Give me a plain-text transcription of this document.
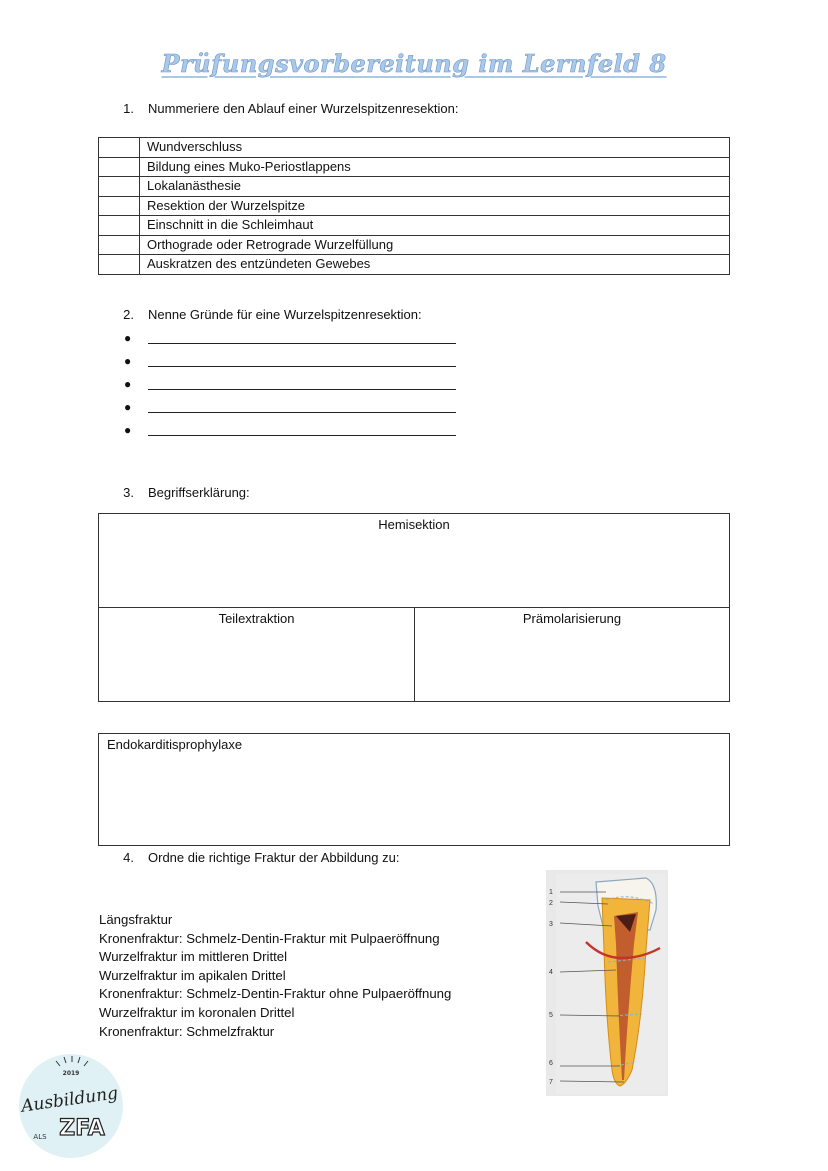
Prüfungsvorbereitung im Lernfeld 8
1. Nummeriere den Ablauf einer Wurzelspitzenresektion:
	Wundverschluss
	Bildung eines Muko-Periostlappens
	Lokalanästhesie
	Resektion der Wurzelspitze
	Einschnitt in die Schleimhaut
	Orthograde oder Retrograde Wurzelfüllung
	Auskratzen des entzündeten Gewebes
2. Nenne Gründe für eine Wurzelspitzenresektion:
●
●
●
●
●
3. Begriffserklärung:
Hemisektion
Teilextraktion	Prämolarisierung
Endokarditisprophylaxe
4. Ordne die richtige Fraktur der Abbildung zu:
Längsfraktur
Kronenfraktur: Schmelz-Dentin-Fraktur mit Pulpaeröffnung
Wurzelfraktur im mittleren Drittel
Wurzelfraktur im apikalen Drittel
Kronenfraktur: Schmelz-Dentin-Fraktur ohne Pulpaeröffnung
Wurzelfraktur im koronalen Drittel
Kronenfraktur: Schmelzfraktur
1
2
3
4
5
6
7
2019
Ausbildung
ZFA
ALS
